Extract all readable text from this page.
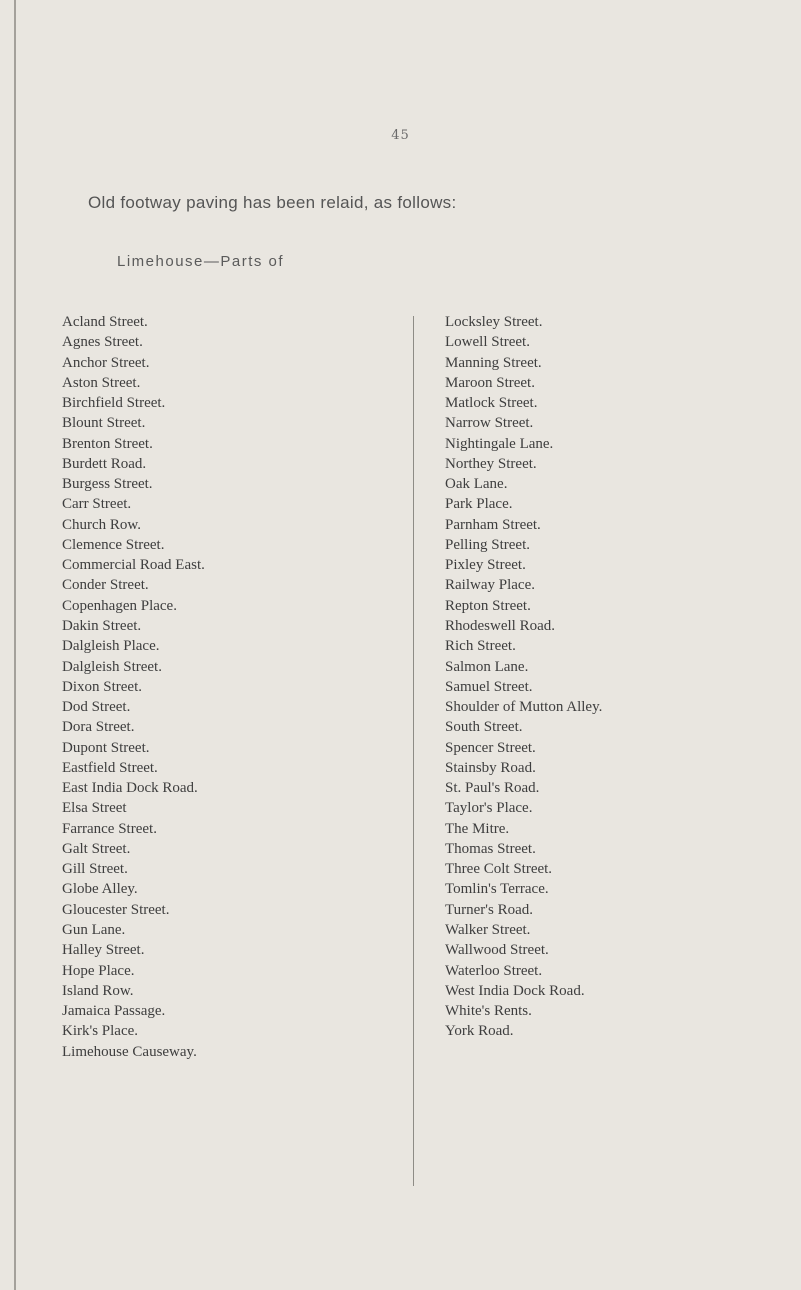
45
Old footway paving has been relaid, as follows:
Limehouse—Parts of
Acland Street.
Agnes Street.
Anchor Street.
Aston Street.
Birchfield Street.
Blount Street.
Brenton Street.
Burdett Road.
Burgess Street.
Carr Street.
Church Row.
Clemence Street.
Commercial Road East.
Conder Street.
Copenhagen Place.
Dakin Street.
Dalgleish Place.
Dalgleish Street.
Dixon Street.
Dod Street.
Dora Street.
Dupont Street.
Eastfield Street.
East India Dock Road.
Elsa Street
Farrance Street.
Galt Street.
Gill Street.
Globe Alley.
Gloucester Street.
Gun Lane.
Halley Street.
Hope Place.
Island Row.
Jamaica Passage.
Kirk's Place.
Limehouse Causeway.
Locksley Street.
Lowell Street.
Manning Street.
Maroon Street.
Matlock Street.
Narrow Street.
Nightingale Lane.
Northey Street.
Oak Lane.
Park Place.
Parnham Street.
Pelling Street.
Pixley Street.
Railway Place.
Repton Street.
Rhodeswell Road.
Rich Street.
Salmon Lane.
Samuel Street.
Shoulder of Mutton Alley.
South Street.
Spencer Street.
Stainsby Road.
St. Paul's Road.
Taylor's Place.
The Mitre.
Thomas Street.
Three Colt Street.
Tomlin's Terrace.
Turner's Road.
Walker Street.
Wallwood Street.
Waterloo Street.
West India Dock Road.
White's Rents.
York Road.
